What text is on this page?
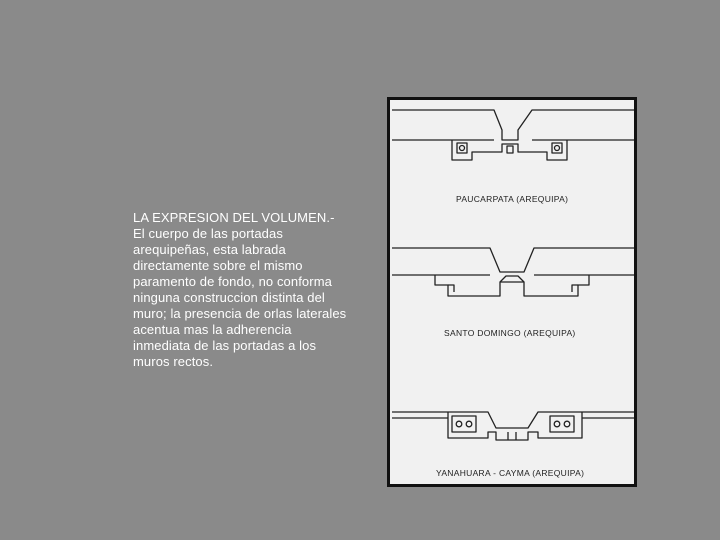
LA EXPRESION DEL VOLUMEN.-
El cuerpo de las portadas
arequipeñas, esta labrada
directamente sobre el mismo
paramento de fondo, no conforma
ninguna construccion distinta del
muro; la presencia de orlas laterales
acentua mas la adherencia
inmediata de las portadas a los
muros rectos.
PAUCARPATA (AREQUIPA)
SANTO DOMINGO (AREQUIPA)
YANAHUARA - CAYMA (AREQUIPA)
